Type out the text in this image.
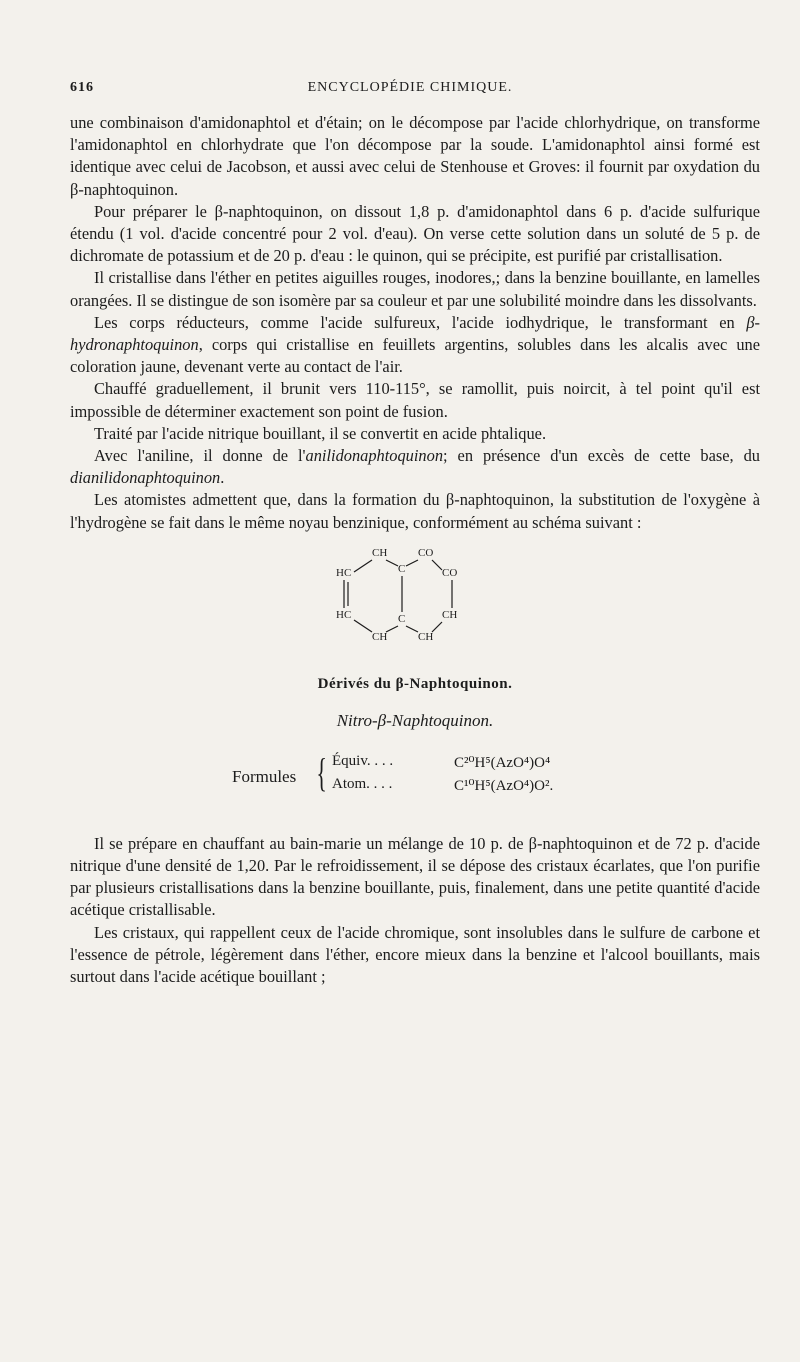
616	ENCYCLOPÉDIE CHIMIQUE.

une combinaison d'amidonaphtol et d'étain; on le décompose par l'acide chlorhydrique, on transforme l'amidonaphtol en chlorhydrate que l'on décompose par la soude. L'amidonaphtol ainsi formé est identique avec celui de Jacobson, et aussi avec celui de Stenhouse et Groves: il fournit par oxydation du β-naphtoquinon.

Pour préparer le β-naphtoquinon, on dissout 1,8 p. d'amidonaphtol dans 6 p. d'acide sulfurique étendu (1 vol. d'acide concentré pour 2 vol. d'eau). On verse cette solution dans un soluté de 5 p. de dichromate de potassium et de 20 p. d'eau : le quinon, qui se précipite, est purifié par cristallisation.

Il cristallise dans l'éther en petites aiguilles rouges, inodores,; dans la benzine bouillante, en lamelles orangées. Il se distingue de son isomère par sa couleur et par une solubilité moindre dans les dissolvants.

Les corps réducteurs, comme l'acide sulfureux, l'acide iodhydrique, le transformant en β-hydronaphtoquinon, corps qui cristallise en feuillets argentins, solubles dans les alcalis avec une coloration jaune, devenant verte au contact de l'air.

Chauffé graduellement, il brunit vers 110-115°, se ramollit, puis noircit, à tel point qu'il est impossible de déterminer exactement son point de fusion.

Traité par l'acide nitrique bouillant, il se convertit en acide phtalique.

Avec l'aniline, il donne de l'anilidonaphtoquinon; en présence d'un excès de cette base, du dianilidonaphtoquinon.

Les atomistes admettent que, dans la formation du β-naphtoquinon, la substitution de l'oxygène à l'hydrogène se fait dans le même noyau benzinique, conformément au schéma suivant :

CH	CO
HC	C	CO
HC	C	CH
CH	CH
Dérivés du β-Naphtoquinon.
Nitro-β-Naphtoquinon.
Formules { Équiv. . . .	C²⁰H⁵(AzO⁴)O⁴
Atom. . . .	C¹⁰H⁵(AzO⁴)O².

Il se prépare en chauffant au bain-marie un mélange de 10 p. de β-naphtoquinon et de 72 p. d'acide nitrique d'une densité de 1,20. Par le refroidissement, il se dépose des cristaux écarlates, que l'on purifie par plusieurs cristallisations dans la benzine bouillante, puis, finalement, dans une petite quantité d'acide acétique cristallisable.

Les cristaux, qui rappellent ceux de l'acide chromique, sont insolubles dans le sulfure de carbone et l'essence de pétrole, légèrement dans l'éther, encore mieux dans la benzine et l'alcool bouillants, mais surtout dans l'acide acétique bouillant ;
